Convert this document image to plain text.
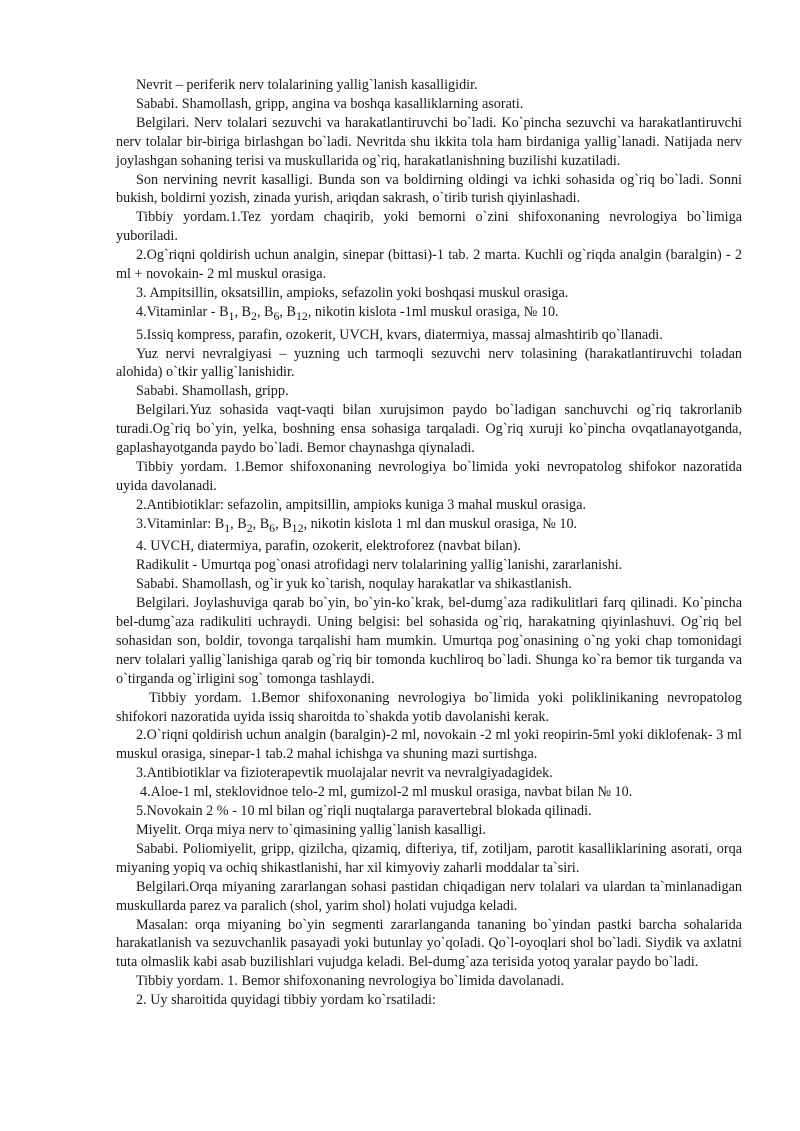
Nevrit – periferik nerv tolalarining yallig`lanish kasalligidir.

Sababi. Shamollash, gripp, angina va boshqa kasalliklarning asorati.

Belgilari. Nerv tolalari sezuvchi va harakatlantiruvchi bo`ladi. Ko`pincha sezuvchi va harakatlantiruvchi nerv tolalar bir-biriga birlashgan bo`ladi. Nevritda shu ikkita tola ham birdaniga yallig`lanadi. Natijada nerv joylashgan sohaning terisi va muskullarida og`riq, harakatlanishning buzilishi kuzatiladi.

Son nervining nevrit kasalligi. Bunda son va boldirning oldingi va ichki sohasida og`riq bo`ladi. Sonni bukish, boldirni yozish, zinada yurish, ariqdan sakrash, o`tirib turish qiyinlashadi.

Tibbiy yordam.1.Tez yordam chaqirib, yoki bemorni o`zini shifoxonaning nevrologiya bo`limiga yuboriladi.

2.Og`riqni qoldirish uchun analgin, sinepar (bittasi)-1 tab. 2 marta. Kuchli og`riqda analgin (baralgin) - 2 ml + novokain- 2 ml muskul orasiga.

3. Ampitsillin, oksatsillin, ampioks, sefazolin yoki boshqasi muskul orasiga.

4.Vitaminlar - $B_1$, $B_2$, $B_6$, $B_{12}$, nikotin kislota -1ml muskul orasiga, № 10.

5.Issiq kompress, parafin, ozokerit, UVCH, kvars, diatermiya, massaj almashtirib qo`llanadi.

Yuz nervi nevralgiyasi – yuzning uch tarmoqli sezuvchi nerv tolasining (harakatlantiruvchi toladan alohida) o`tkir yallig`lanishidir.

Sababi. Shamollash, gripp.

Belgilari.Yuz sohasida vaqt-vaqti bilan xurujsimon paydo bo`ladigan sanchuvchi og`riq takrorlanib turadi.Og`riq bo`yin, yelka, boshning ensa sohasiga tarqaladi. Og`riq xuruji ko`pincha ovqatlanayotganda, gaplashayotganda paydo bo`ladi. Bemor chaynashga qiynaladi.

Tibbiy yordam. 1.Bemor shifoxonaning nevrologiya bo`limida yoki nevropatolog shifokor nazoratida uyida davolanadi.

2.Antibiotiklar: sefazolin, ampitsillin, ampioks kuniga 3 mahal muskul orasiga.

3.Vitaminlar: $B_1$, $B_2$, $B_6$, $B_{12}$, nikotin kislota 1 ml dan muskul orasiga, № 10.

4. UVCH, diatermiya, parafin, ozokerit, elektroforez (navbat bilan).

Radikulit - Umurtqa pog`onasi atrofidagi nerv tolalarining yallig`lanishi, zararlanishi.

Sababi. Shamollash, og`ir yuk ko`tarish, noqulay harakatlar va shikastlanish.

Belgilari. Joylashuviga qarab bo`yin, bo`yin-ko`krak, bel-dumg`aza radikulitlari farq qilinadi. Ko`pincha bel-dumg`aza radikuliti uchraydi. Uning belgisi: bel sohasida og`riq, harakatning qiyinlashuvi. Og`riq bel sohasidan son, boldir, tovonga tarqalishi ham mumkin. Umurtqa pog`onasining o`ng yoki chap tomonidagi nerv tolalari yallig`lanishiga qarab og`riq bir tomonda kuchliroq bo`ladi. Shunga ko`ra bemor tik turganda va o`tirganda og`irligini sog` tomonga tashlaydi.

Tibbiy yordam. 1.Bemor shifoxonaning nevrologiya bo`limida yoki poliklinikaning nevropatolog shifokori nazoratida uyida issiq sharoitda to`shakda yotib davolanishi kerak.

2.O`riqni qoldirish uchun analgin (baralgin)-2 ml, novokain -2 ml yoki reopirin-5ml yoki diklofenak- 3 ml muskul orasiga, sinepar-1 tab.2 mahal ichishga va shuning mazi surtishga.

3.Antibiotiklar va fizioterapevtik muolajalar nevrit va nevralgiyadagidek.

4.Aloe-1 ml, steklovidnoe telo-2 ml, gumizol-2 ml muskul orasiga, navbat bilan № 10.

5.Novokain 2 % - 10 ml bilan og`riqli nuqtalarga paravertebral blokada qilinadi.

Miyelit. Orqa miya nerv to`qimasining yallig`lanish kasalligi.

Sababi. Poliomiyelit, gripp, qizilcha, qizamiq, difteriya, tif, zotiljam, parotit kasalliklarining asorati, orqa miyaning yopiq va ochiq shikastlanishi, har xil kimyoviy zaharli moddalar ta`siri.

Belgilari.Orqa miyaning zararlangan sohasi pastidan chiqadigan nerv tolalari va ulardan ta`minlanadigan muskullarda parez va paralich (shol, yarim shol) holati vujudga keladi.

Masalan: orqa miyaning bo`yin segmenti zararlanganda tananing bo`yindan pastki barcha sohalarida harakatlanish va sezuvchanlik pasayadi yoki butunlay yo`qoladi. Qo`l-oyoqlari shol bo`ladi. Siydik va axlatni tuta olmaslik kabi asab buzilishlari vujudga keladi. Bel-dumg`aza terisida yotoq yaralar paydo bo`ladi.

Tibbiy yordam. 1. Bemor shifoxonaning nevrologiya bo`limida davolanadi.

2. Uy sharoitida quyidagi tibbiy yordam ko`rsatiladi:
